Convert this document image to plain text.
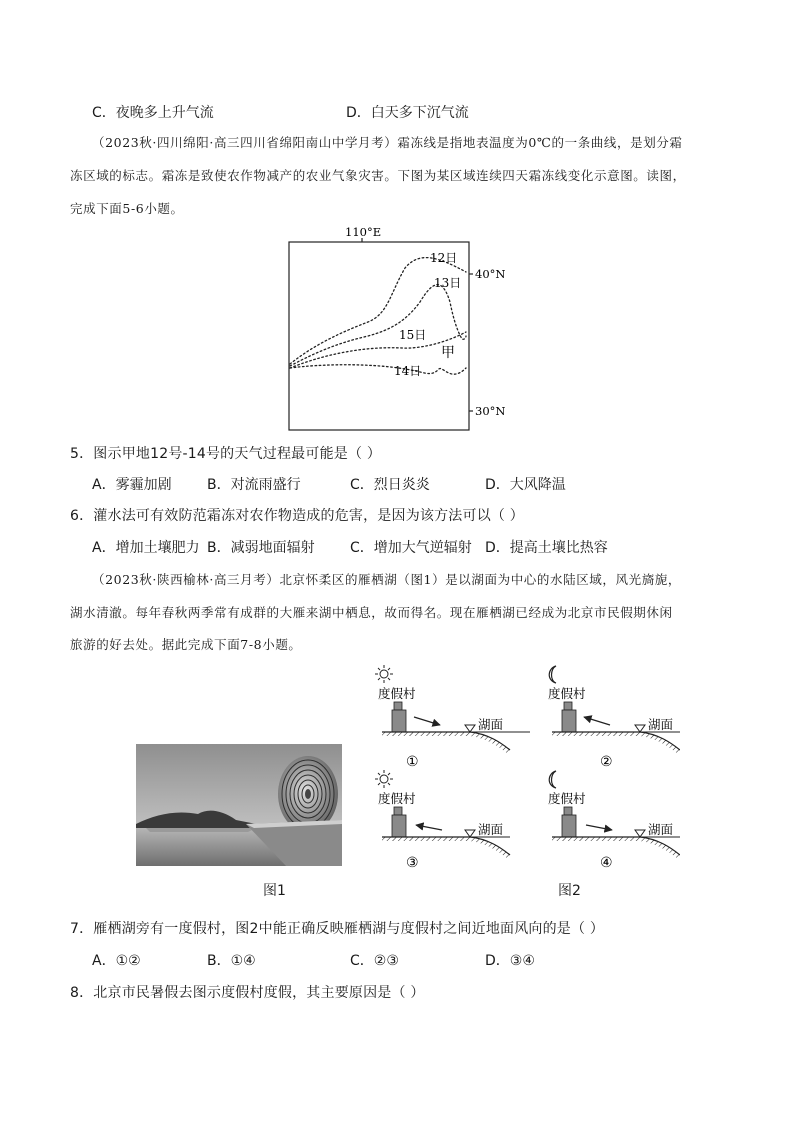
C．夜晚多上升气流	D．白天多下沉气流
（2023秋·四川绵阳·高三四川省绵阳南山中学月考）霜冻线是指地表温度为0℃的一条曲线，是划分霜
冻区域的标志。霜冻是致使农作物减产的农业气象灾害。下图为某区域连续四天霜冻线变化示意图。读图，
完成下面5-6小题。
110°E
40°N
30°N
12日
13日
15日
14日
甲
5．图示甲地12号-14号的天气过程最可能是（ ）
A．雾霾加剧	B．对流雨盛行	C．烈日炎炎	D．大风降温
6．灌水法可有效防范霜冻对农作物造成的危害，是因为该方法可以（ ）
A．增加土壤肥力 B．减弱地面辐射	C．增加大气逆辐射 D．提高土壤比热容
（2023秋·陕西榆林·高三月考）北京怀柔区的雁栖湖（图1）是以湖面为中心的水陆区域，风光旖旎，
湖水清澈。每年春秋两季常有成群的大雁来湖中栖息，故而得名。现在雁栖湖已经成为北京市民假期休闲
旅游的好去处。据此完成下面7-8小题。
图1
度假村
湖面
①
度假村
湖面
②
度假村
湖面
③
度假村
湖面
④
图2
7．雁栖湖旁有一度假村，图2中能正确反映雁栖湖与度假村之间近地面风向的是（ ）
A．①②	B．①④	C．②③	D．③④
8．北京市民暑假去图示度假村度假，其主要原因是（ ）
